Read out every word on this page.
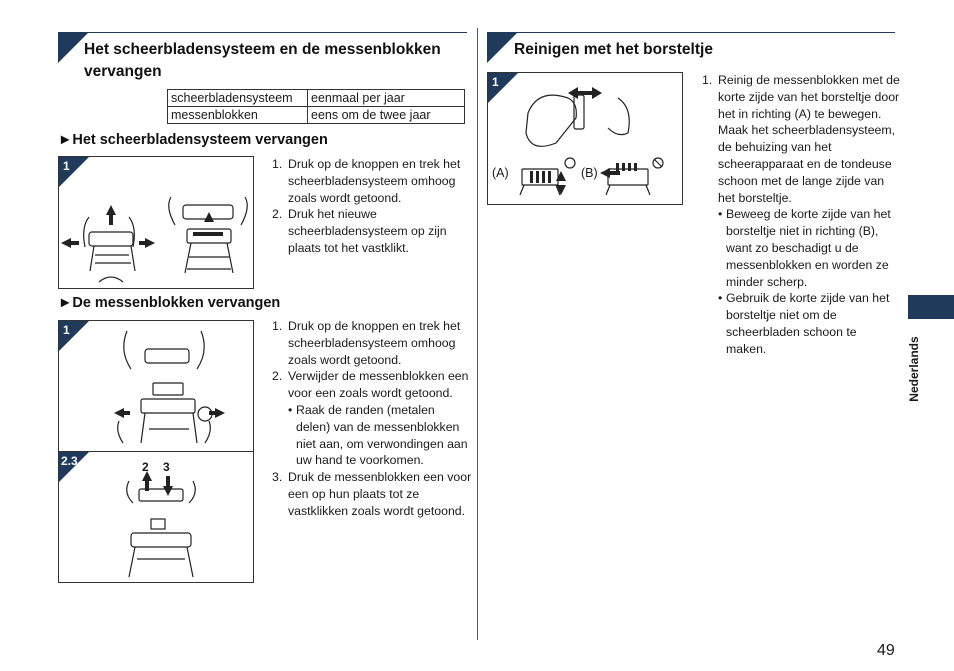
Het scheerbladensysteem en de messenblokken vervangen
scheerbladensysteem	eenmaal per jaar
messenblokken	eens om de twee jaar
►Het scheerbladensysteem vervangen
1	1. Druk op de knoppen en trek het scheerbladensysteem omhoog zoals wordt getoond.
2. Druk het nieuwe scheerbladensysteem op zijn plaats tot het vastklikt.
►De messenblokken vervangen
1
2.3	2 3
1. Druk op de knoppen en trek het scheerbladensysteem omhoog zoals wordt getoond.
2. Verwijder de messenblokken een voor een zoals wordt getoond.
• Raak de randen (metalen delen) van de messenblokken niet aan, om verwondingen aan uw hand te voorkomen.
3. Druk de messenblokken een voor een op hun plaats tot ze vastklikken zoals wordt getoond.
Reinigen met het borsteltje
1
(A)	(B)
1. Reinig de messenblokken met de korte zijde van het borsteltje door het in richting (A) te bewegen.
Maak het scheerbladensysteem, de behuizing van het scheerapparaat en de tondeuse schoon met de lange zijde van het borsteltje.
• Beweeg de korte zijde van het borsteltje niet in richting (B), want zo beschadigt u de messenblokken en worden ze minder scherp.
• Gebruik de korte zijde van het borsteltje niet om de scheerbladen schoon te maken.	Nederlands
49
